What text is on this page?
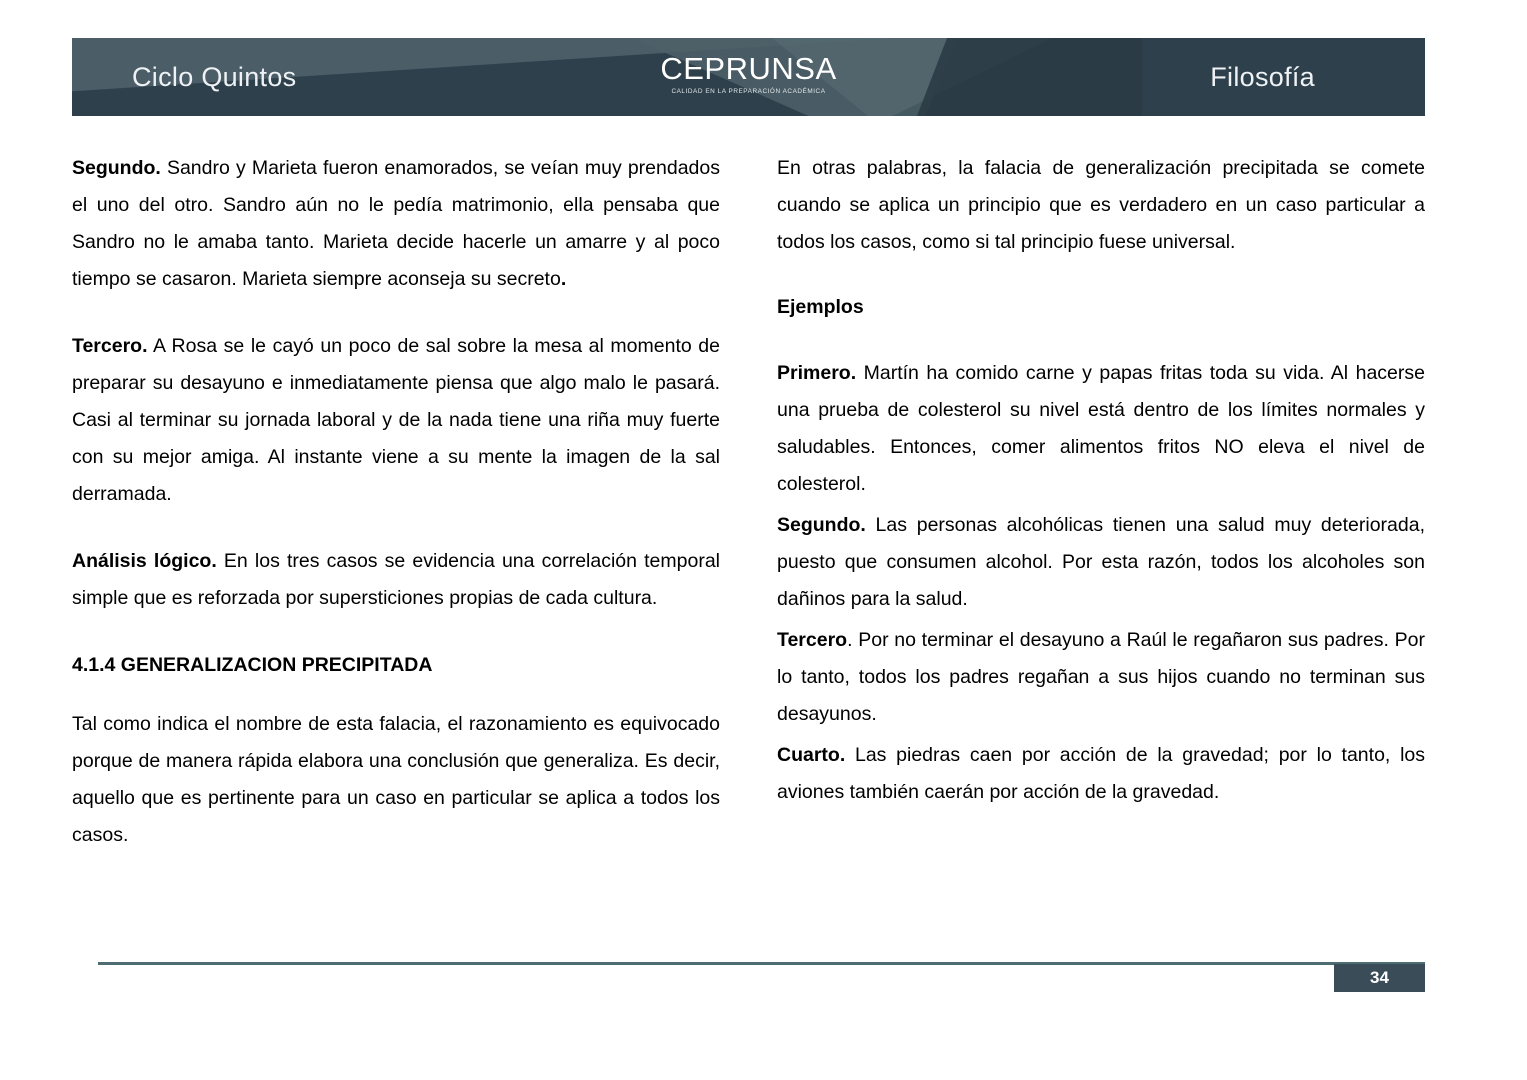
Ciclo Quintos	CEPRUNSA
CALIDAD EN LA PREPARACIÓN ACADÉMICA	Filosofía

Segundo. Sandro y Marieta fueron enamorados, se veían muy prendados el uno del otro. Sandro aún no le pedía matrimonio, ella pensaba que Sandro no le amaba tanto. Marieta decide hacerle un amarre y al poco tiempo se casaron. Marieta siempre aconseja su secreto.

Tercero. A Rosa se le cayó un poco de sal sobre la mesa al momento de preparar su desayuno e inmediatamente piensa que algo malo le pasará. Casi al terminar su jornada laboral y de la nada tiene una riña muy fuerte con su mejor amiga. Al instante viene a su mente la imagen de la sal derramada.

Análisis lógico. En los tres casos se evidencia una correlación temporal simple que es reforzada por supersticiones propias de cada cultura.

4.1.4 GENERALIZACION PRECIPITADA

Tal como indica el nombre de esta falacia, el razonamiento es equivocado porque de manera rápida elabora una conclusión que generaliza. Es decir, aquello que es pertinente para un caso en particular se aplica a todos los casos.

En otras palabras, la falacia de generalización precipitada se comete cuando se aplica un principio que es verdadero en un caso particular a todos los casos, como si tal principio fuese universal.

Ejemplos

Primero. Martín ha comido carne y papas fritas toda su vida. Al hacerse una prueba de colesterol su nivel está dentro de los límites normales y saludables. Entonces, comer alimentos fritos NO eleva el nivel de colesterol.

Segundo. Las personas alcohólicas tienen una salud muy deteriorada, puesto que consumen alcohol. Por esta razón, todos los alcoholes son dañinos para la salud.

Tercero. Por no terminar el desayuno a Raúl le regañaron sus padres. Por lo tanto, todos los padres regañan a sus hijos cuando no terminan sus desayunos.

Cuarto. Las piedras caen por acción de la gravedad; por lo tanto, los aviones también caerán por acción de la gravedad.

34
